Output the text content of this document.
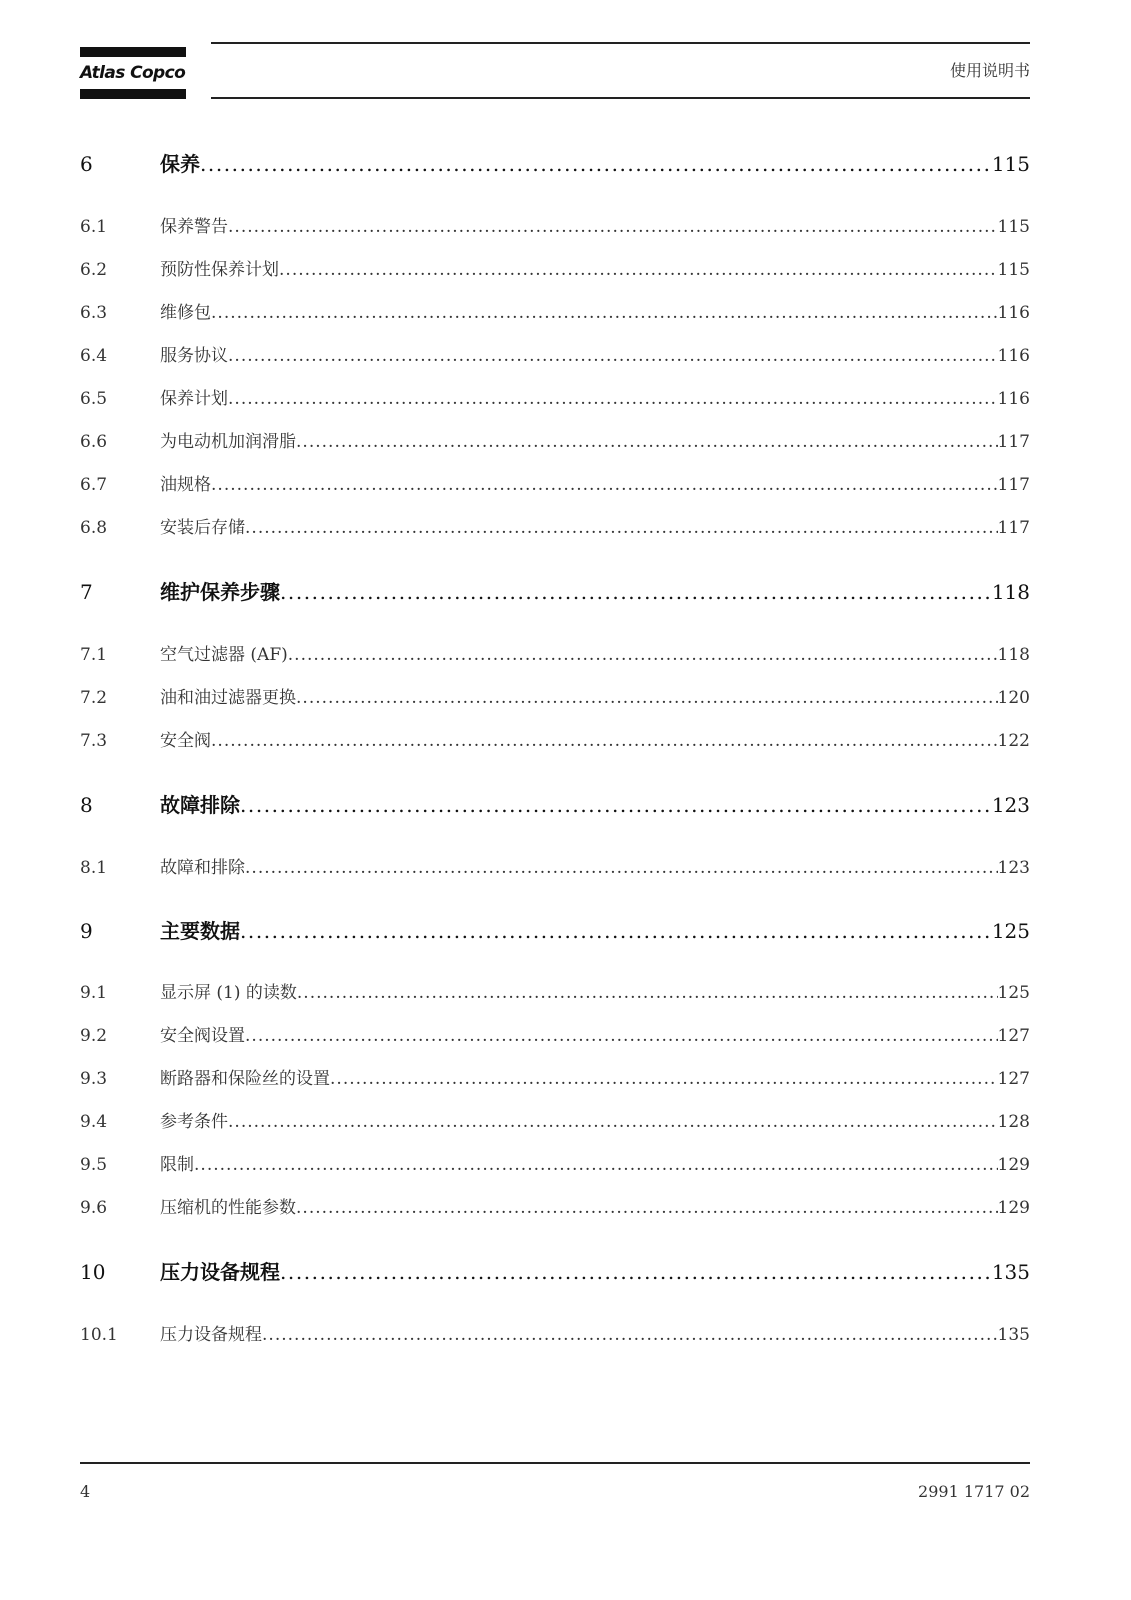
Atlas Copco	使用说明书
6	保养 . . .	115
6.1	保养警告 . . .	115
6.2	预防性保养计划 . . .	115
6.3	维修包 . . .	116
6.4	服务协议 . . .	116
6.5	保养计划 . . .	116
6.6	为电动机加润滑脂 . . .	117
6.7	油规格 . . .	117
6.8	安装后存储 . . .	117
7	维护保养步骤 . . .	118
7.1	空气过滤器 (AF) . . .	118
7.2	油和油过滤器更换 . . .	120
7.3	安全阀 . . .	122
8	故障排除 . . .	123
8.1	故障和排除 . . .	123
9	主要数据 . . .	125
9.1	显示屏 (1) 的读数 . . .	125
9.2	安全阀设置 . . .	127
9.3	断路器和保险丝的设置 . . .	127
9.4	参考条件 . . .	128
9.5	限制 . . .	129
9.6	压缩机的性能参数 . . .	129
10	压力设备规程 . . .	135
10.1	压力设备规程 . . .	135
4	2991 1717 02
